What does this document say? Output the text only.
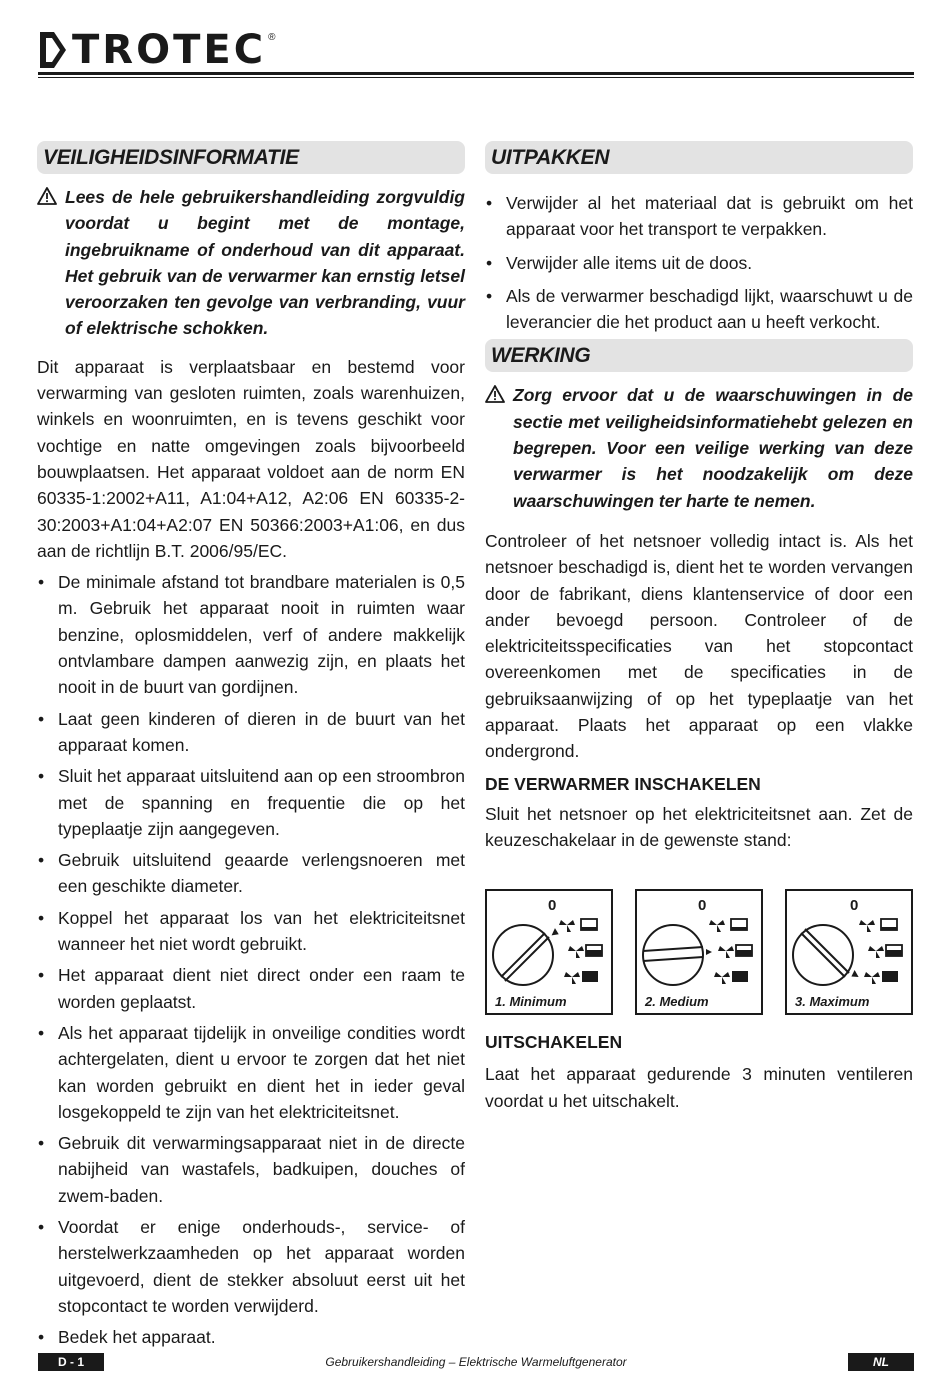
TROTEC ®
VEILIGHEIDSINFORMATIE
Lees de hele gebruikershandleiding zorgvuldig voordat u begint met de montage, ingebruikname of onderhoud van dit apparaat. Het gebruik van de verwarmer kan ernstig letsel veroorzaken ten gevolge van verbranding, vuur of elektrische schokken.

Dit apparaat is verplaatsbaar en bestemd voor verwarming van gesloten ruimten, zoals warenhuizen, winkels en woonruimten, en is tevens geschikt voor vochtige en natte omgevingen zoals bijvoorbeeld bouwplaatsen. Het apparaat voldoet aan de norm EN 60335-1:2002+A11, A1:04+A12, A2:06 EN 60335-2-30:2003+A1:04+A2:07 EN 50366:2003+A1:06, en dus aan de richtlijn B.T. 2006/95/EC.

• De minimale afstand tot brandbare materialen is 0,5 m. Gebruik het apparaat nooit in ruimten waar benzine, oplosmiddelen, verf of andere makkelijk ontvlambare dampen aanwezig zijn, en plaats het nooit in de buurt van gordijnen.
• Laat geen kinderen of dieren in de buurt van het apparaat komen.
• Sluit het apparaat uitsluitend aan op een stroombron met de spanning en frequentie die op het typeplaatje zijn aangegeven.
• Gebruik uitsluitend geaarde verlengsnoeren met een geschikte diameter.
• Koppel het apparaat los van het elektriciteitsnet wanneer het niet wordt gebruikt.
• Het apparaat dient niet direct onder een raam te worden geplaatst.
• Als het apparaat tijdelijk in onveilige condities wordt achtergelaten, dient u ervoor te zorgen dat het niet kan worden gebruikt en dient het in ieder geval losgekoppeld te zijn van het elektriciteitsnet.
• Gebruik dit verwarmingsapparaat niet in de directe nabijheid van wastafels, badkuipen, douches of zwem-baden.
• Voordat er enige onderhouds-, service- of herstelwerkzaamheden op het apparaat worden uitgevoerd, dient de stekker absoluut eerst uit het stopcontact te worden verwijderd.
• Bedek het apparaat.
UITPAKKEN
• Verwijder al het materiaal dat is gebruikt om het apparaat voor het transport te verpakken.
• Verwijder alle items uit de doos.
• Als de verwarmer beschadigd lijkt, waarschuwt u de leverancier die het product aan u heeft verkocht.
WERKING
Zorg ervoor dat u de waarschuwingen in de sectie met veiligheidsinformatiehebt gelezen en begrepen. Voor een veilige werking van deze verwarmer is het noodzakelijk om deze waarschuwingen ter harte te nemen.

Controleer of het netsnoer volledig intact is. Als het netsnoer beschadigd is, dient het te worden vervangen door de fabrikant, diens klantenservice of door een ander bevoegd persoon. Controleer of de elektriciteitsspecificaties van het stopcontact overeenkomen met de specificaties in de gebruiksaanwijzing of op het typeplaatje van het apparaat. Plaats het apparaat op een vlakke ondergrond.

DE VERWARMER INSCHAKELEN

Sluit het netsnoer op het elektriciteitsnet aan. Zet de keuzeschakelaar in de gewenste stand:

0
1. Minimum
0
2. Medium
0
3. Maximum
UITSCHAKELEN

Laat het apparaat gedurende 3 minuten ventileren voordat u het uitschakelt.

D - 1	Gebruikershandleiding – Elektrische Warmeluftgenerator	NL
